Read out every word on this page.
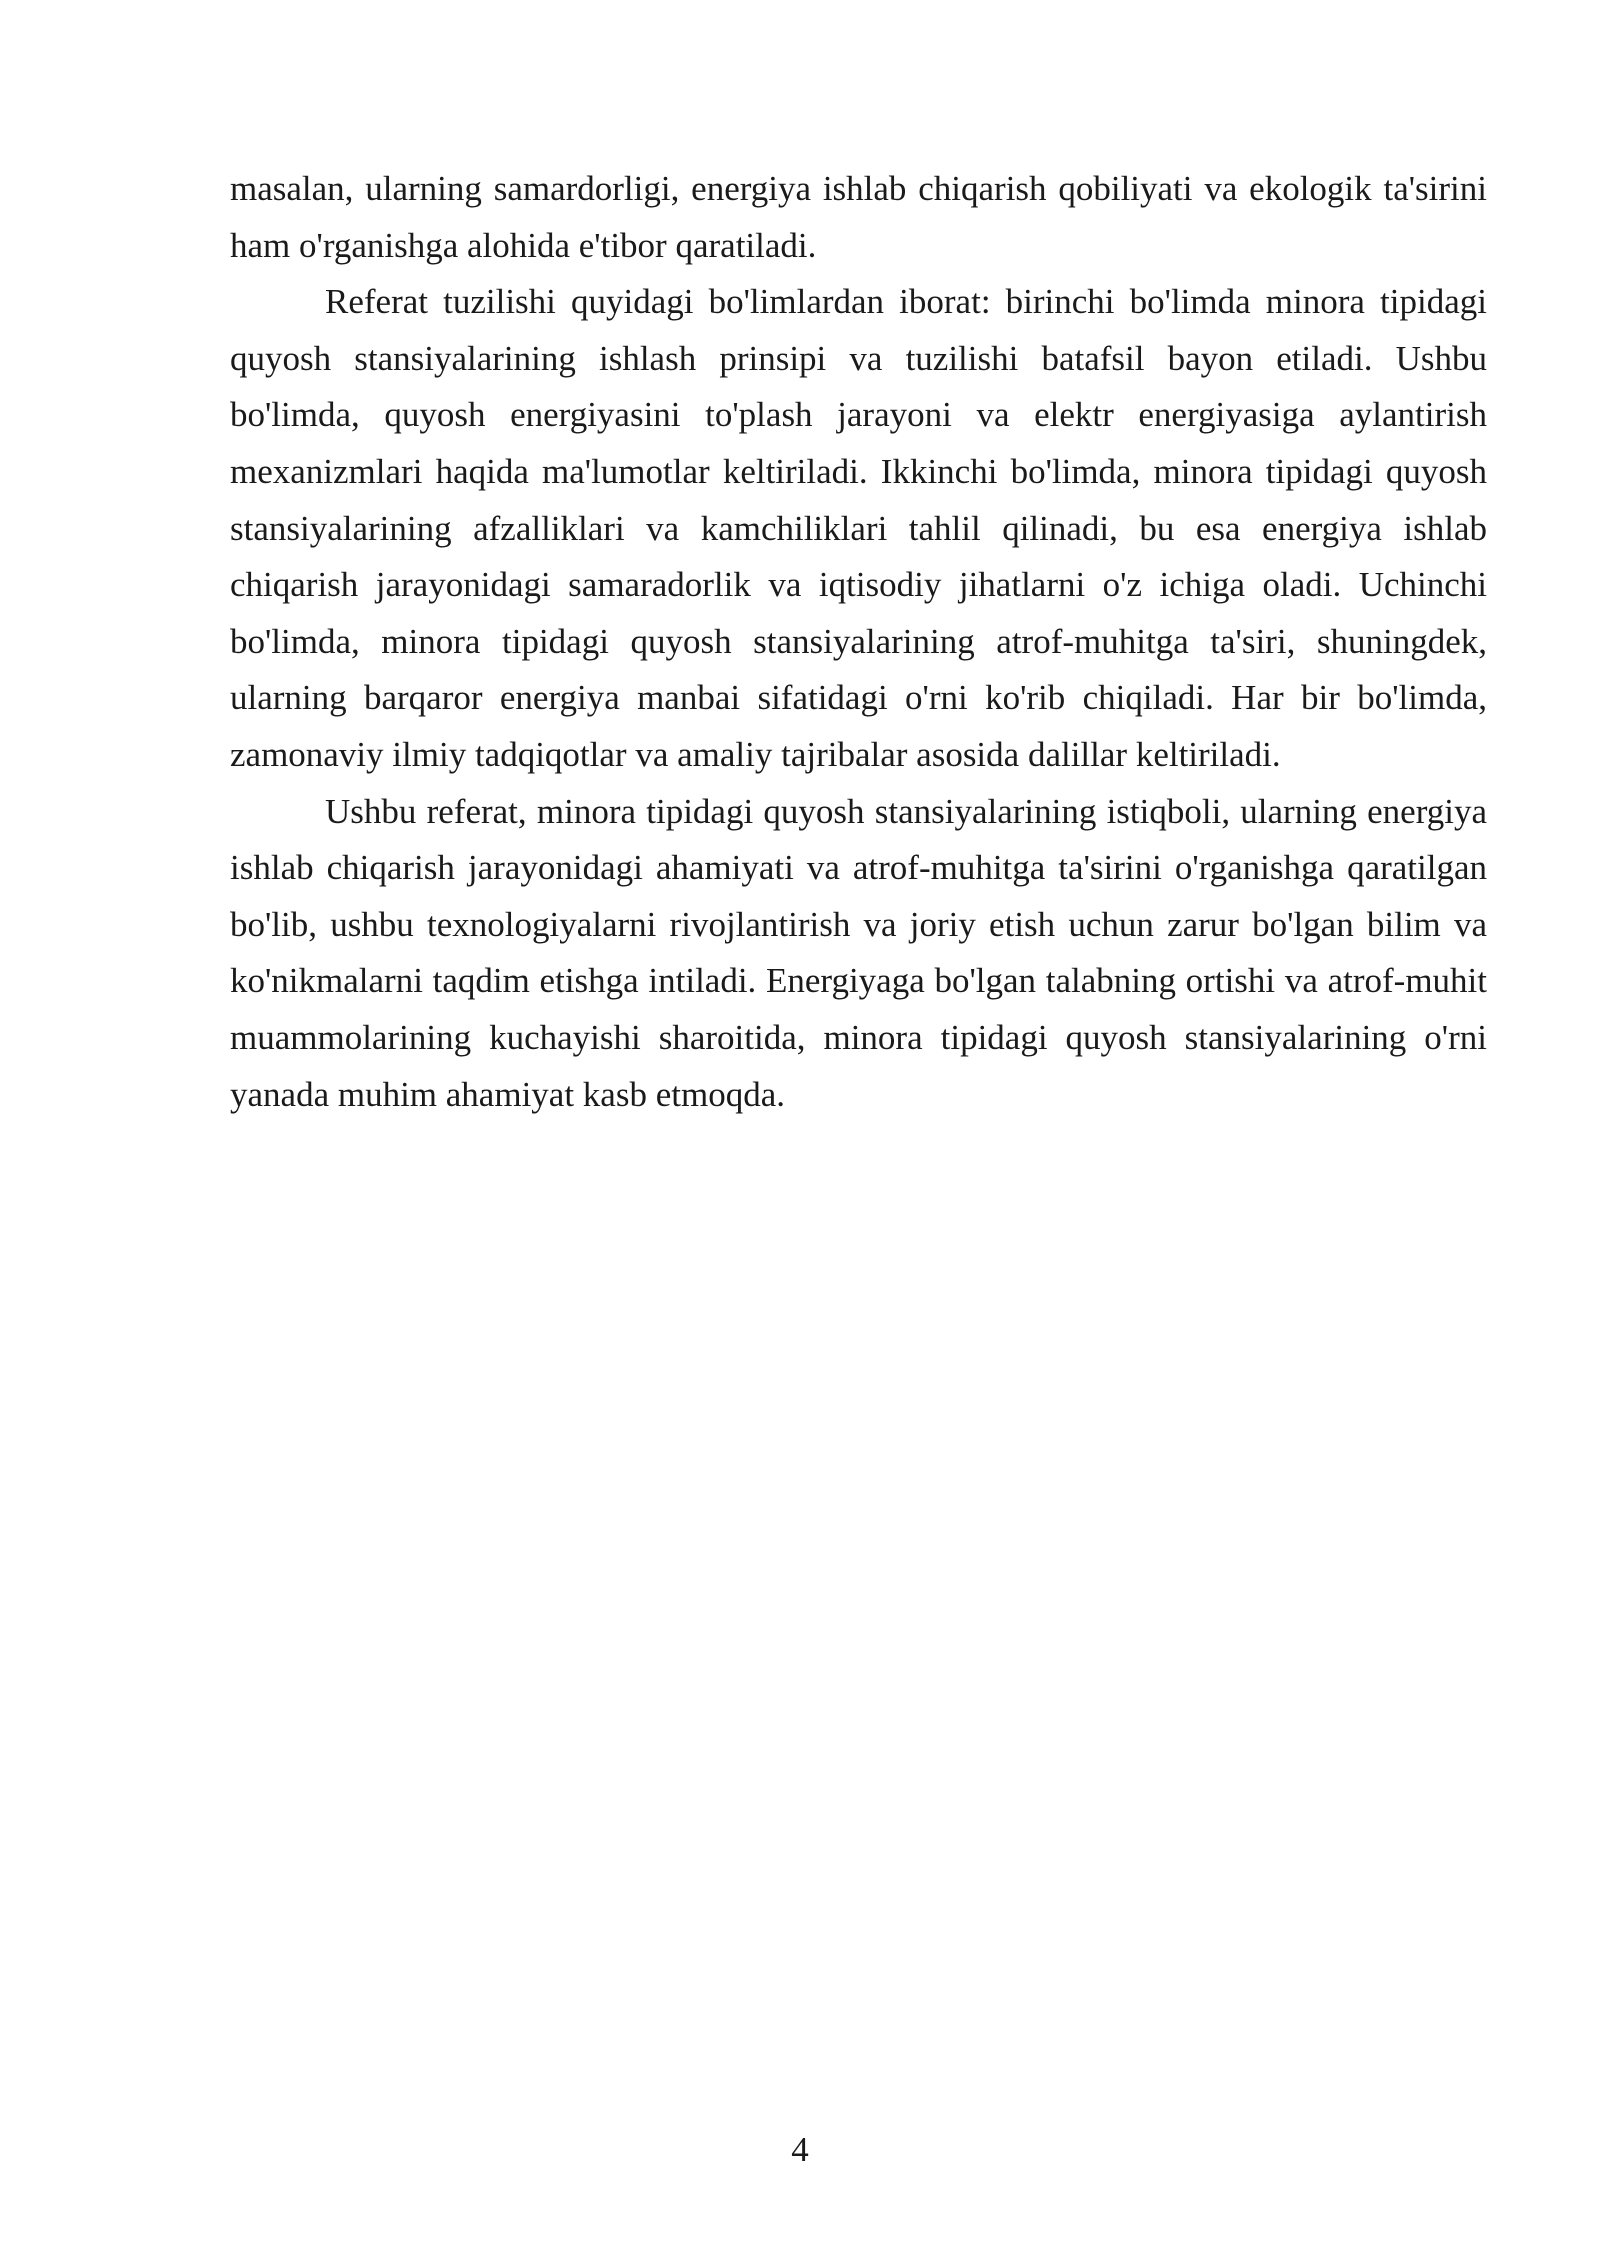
masalan, ularning samardorligi, energiya ishlab chiqarish qobiliyati va ekologik ta'sirini ham o'rganishga alohida e'tibor qaratiladi.

Referat tuzilishi quyidagi bo'limlardan iborat: birinchi bo'limda minora tipidagi quyosh stansiyalarining ishlash prinsipi va tuzilishi batafsil bayon etiladi. Ushbu bo'limda, quyosh energiyasini to'plash jarayoni va elektr energiyasiga aylantirish mexanizmlari haqida ma'lumotlar keltiriladi. Ikkinchi bo'limda, minora tipidagi quyosh stansiyalarining afzalliklari va kamchiliklari tahlil qilinadi, bu esa energiya ishlab chiqarish jarayonidagi samaradorlik va iqtisodiy jihatlarni o'z ichiga oladi. Uchinchi bo'limda, minora tipidagi quyosh stansiyalarining atrof-muhitga ta'siri, shuningdek, ularning barqaror energiya manbai sifatidagi o'rni ko'rib chiqiladi. Har bir bo'limda, zamonaviy ilmiy tadqiqotlar va amaliy tajribalar asosida dalillar keltiriladi.

Ushbu referat, minora tipidagi quyosh stansiyalarining istiqboli, ularning energiya ishlab chiqarish jarayonidagi ahamiyati va atrof-muhitga ta'sirini o'rganishga qaratilgan bo'lib, ushbu texnologiyalarni rivojlantirish va joriy etish uchun zarur bo'lgan bilim va ko'nikmalarni taqdim etishga intiladi. Energiyaga bo'lgan talabning ortishi va atrof-muhit muammolarining kuchayishi sharoitida, minora tipidagi quyosh stansiyalarining o'rni yanada muhim ahamiyat kasb etmoqda.

4
